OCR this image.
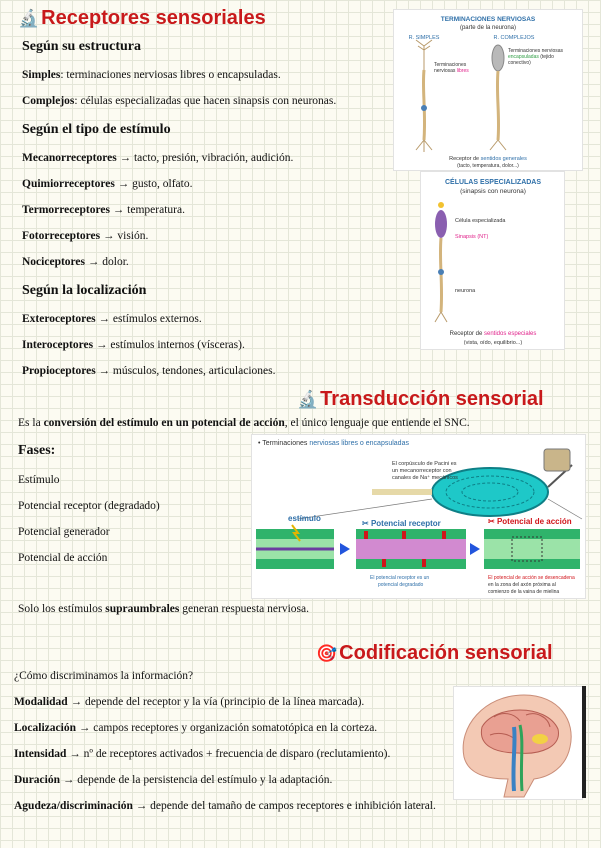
🔬 Receptores sensoriales
Según su estructura
Simples: terminaciones nerviosas libres o encapsuladas.
Complejos: células especializadas que hacen sinapsis con neuronas.
Según el tipo de estímulo
Mecanorreceptores → tacto, presión, vibración, audición.
Quimiorreceptores → gusto, olfato.
Termorreceptores → temperatura.
Fotorreceptores → visión.
Nociceptores → dolor.
Según la localización
Exteroceptores → estímulos externos.
Interoceptores → estímulos internos (vísceras).
Propioceptores → músculos, tendones, articulaciones.
TERMINACIONES NERVIOSAS
(parte de la neurona)
R. SIMPLES	R. COMPLEJOS
Terminaciones
nerviosas libres
Terminaciones nerviosas
encapsuladas (tejido
conectivo)
Receptor de sentidos generales
(tacto, temperatura, dolor...)
CÉLULAS ESPECIALIZADAS
(sinapsis con neurona)
Célula especializada
Sinapsis (NT)
neurona
Receptor de sentidos especiales
(vista, oído, equilibrio...)
🔬 Transducción sensorial
Es la conversión del estímulo en un potencial de acción, el único lenguaje que entiende el SNC.
Fases:
Estímulo
Potencial receptor (degradado)
Potencial generador
Potencial de acción
Solo los estímulos supraumbrales generan respuesta nerviosa.
• Terminaciones nerviosas libres o encapsuladas
El corpúsculo de Pacini es
un mecanorreceptor con
canales de Na⁺ mecánicos
estímulo
✂ Potencial receptor	✂ Potencial de acción
El potencial receptor es un
potencial degradado
El potencial de acción se desencadena
en la zona del axón próxima al
comienzo de la vaina de mielina
🎯 Codificación sensorial
¿Cómo discriminamos la información?
Modalidad → depende del receptor y la vía (principio de la línea marcada).
Localización → campos receptores y organización somatotópica en la corteza.
Intensidad → nº de receptores activados + frecuencia de disparo (reclutamiento).
Duración → depende de la persistencia del estímulo y la adaptación.
Agudeza/discriminación → depende del tamaño de campos receptores e inhibición lateral.
